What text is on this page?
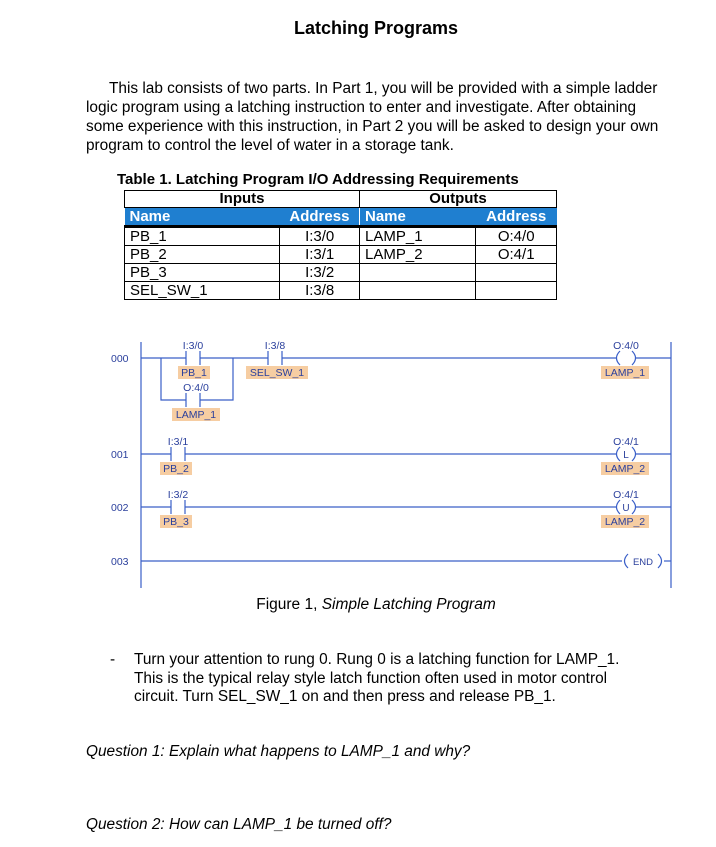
Latching Programs

This lab consists of two parts. In Part 1, you will be provided with a simple ladder logic program using a latching instruction to enter and investigate. After obtaining some experience with this instruction, in Part 2 you will be asked to design your own program to control the level of water in a storage tank.

Table 1. Latching Program I/O Addressing Requirements
Inputs		Outputs	
Name	Address	Name	Address
PB_1	I:3/0	LAMP_1	O:4/0
PB_2	I:3/1	LAMP_2	O:4/1
PB_3	I:3/2		
SEL_SW_1	I:3/8		
000
001
002
003
I:3/0
O:4/0
I:3/8
I:3/1
I:3/2
PB_1
LAMP_1
SEL_SW_1
PB_2
PB_3
O:4/0
LAMP_1
O:4/1
L
LAMP_2
O:4/1
U
LAMP_2
END
Figure 1, Simple Latching Program
- Turn your attention to rung 0. Rung 0 is a latching function for LAMP_1. This is the typical relay style latch function often used in motor control circuit. Turn SEL_SW_1 on and then press and release PB_1.
Question 1: Explain what happens to LAMP_1 and why?
Question 2: How can LAMP_1 be turned off?
